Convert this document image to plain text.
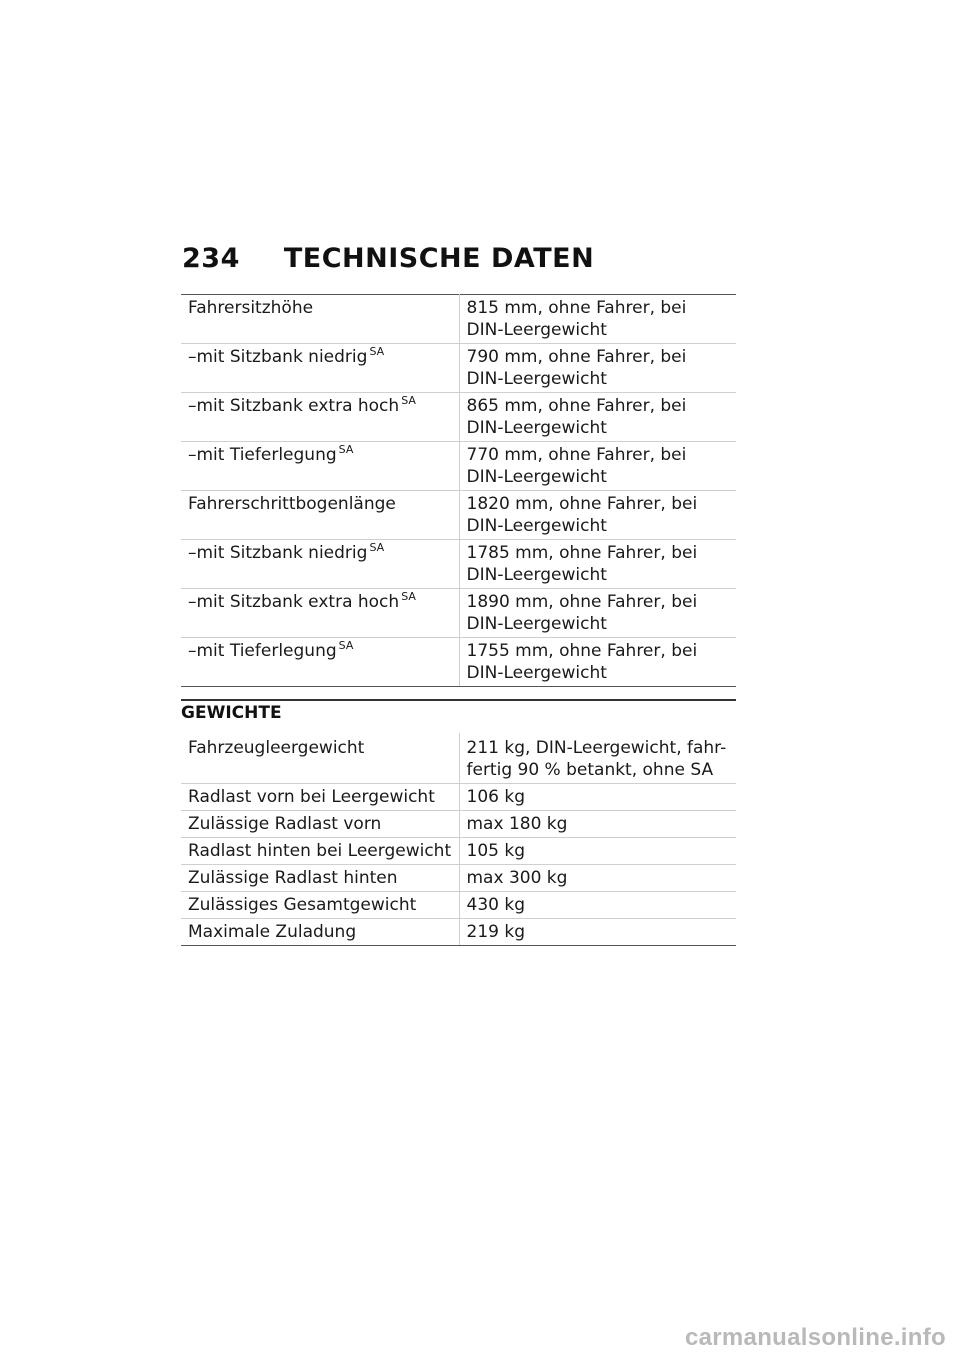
234 TECHNISCHE DATEN
Fahrersitzhöhe	815 mm, ohne Fahrer, bei
DIN-Leergewicht

–mit Sitzbank niedrig $^{SA}$	790 mm, ohne Fahrer, bei
DIN-Leergewicht

–mit Sitzbank extra hoch $^{SA}$	865 mm, ohne Fahrer, bei
DIN-Leergewicht

–mit Tieferlegung $^{SA}$	770 mm, ohne Fahrer, bei
DIN-Leergewicht

Fahrerschrittbogenlänge	1820 mm, ohne Fahrer, bei
DIN-Leergewicht

–mit Sitzbank niedrig $^{SA}$	1785 mm, ohne Fahrer, bei
DIN-Leergewicht

–mit Sitzbank extra hoch $^{SA}$	1890 mm, ohne Fahrer, bei
DIN-Leergewicht

–mit Tieferlegung $^{SA}$	1755 mm, ohne Fahrer, bei
DIN-Leergewicht
GEWICHTE
Fahrzeugleergewicht	211 kg, DIN-Leergewicht, fahr-
fertig 90 % betankt, ohne SA

Radlast vorn bei Leergewicht	106 kg

Zulässige Radlast vorn	max 180 kg

Radlast hinten bei Leergewicht	105 kg

Zulässige Radlast hinten	max 300 kg

Zulässiges Gesamtgewicht	430 kg

Maximale Zuladung	219 kg
carmanualsonline.info
